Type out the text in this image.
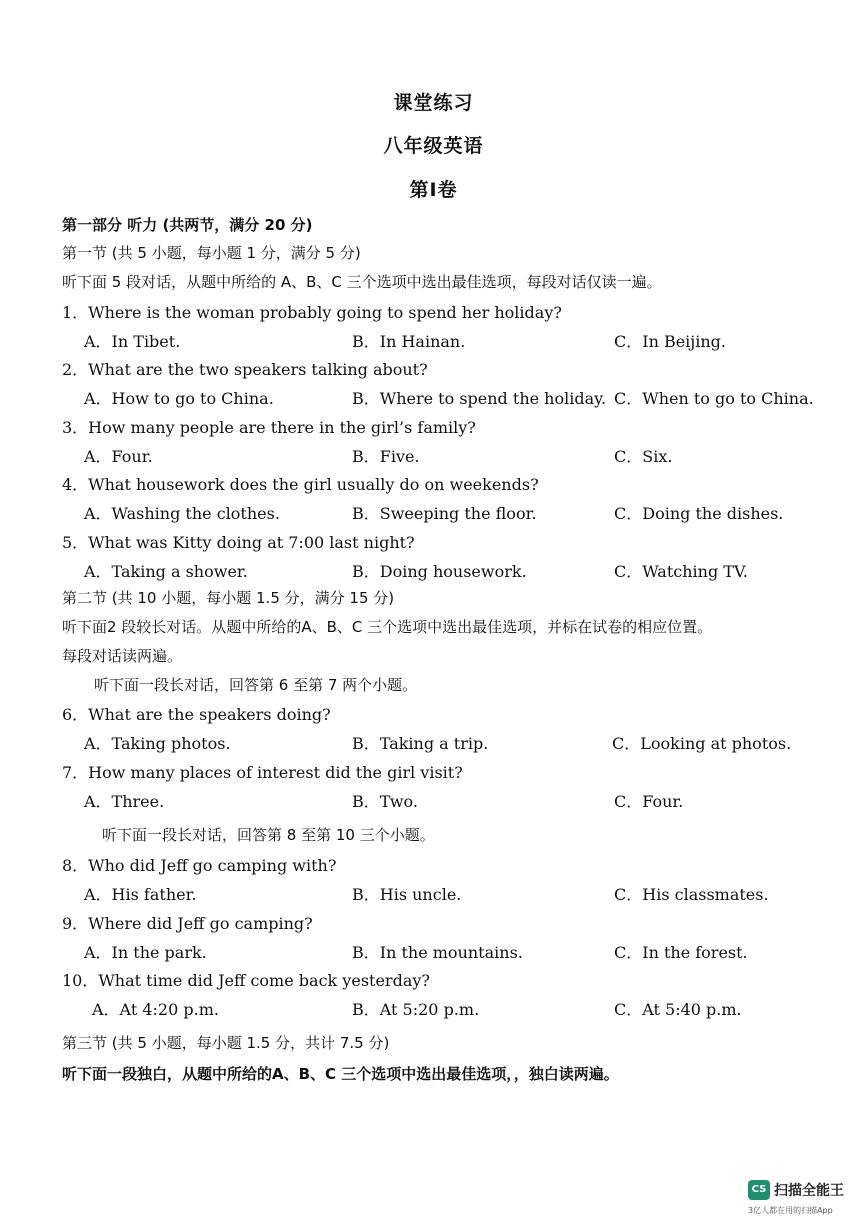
课堂练习
八年级英语
第I卷
第一部分 听力 (共两节，满分 20 分)
第一节 (共 5 小题，每小题 1 分，满分 5 分)
听下面 5 段对话，从题中所给的 A、B、C 三个选项中选出最佳选项，每段对话仅读一遍。
1．Where is the woman probably going to spend her holiday?
A．In Tibet.	B．In Hainan.	C．In Beijing.
2．What are the two speakers talking about?
A．How to go to China.	B．Where to spend the holiday. C．When to go to China.
3．How many people are there in the girl’s family?
A．Four.	B．Five.	C．Six.
4．What housework does the girl usually do on weekends?
A．Washing the clothes.	B．Sweeping the floor.	C．Doing the dishes.
5．What was Kitty doing at 7:00 last night?
A．Taking a shower.	B．Doing housework.	C．Watching TV.
第二节 (共 10 小题，每小题 1.5 分，满分 15 分)
听下面2 段较长对话。从题中所给的A、B、C 三个选项中选出最佳选项，并标在试卷的相应位置。
每段对话读两遍。
听下面一段长对话，回答第 6 至第 7 两个小题。
6．What are the speakers doing?
A．Taking photos.	B．Taking a trip.	C．Looking at photos.
7．How many places of interest did the girl visit?
A．Three.	B．Two.	C．Four.
听下面一段长对话，回答第 8 至第 10 三个小题。
8．Who did Jeff go camping with?
A．His father.	B．His uncle.	C．His classmates.
9．Where did Jeff go camping?
A．In the park.	B．In the mountains.	C．In the forest.
10．What time did Jeff come back yesterday?
A．At 4:20 p.m.	B．At 5:20 p.m.	C．At 5:40 p.m.
第三节 (共 5 小题，每小题 1.5 分，共计 7.5 分)
听下面一段独白，从题中所给的A、B、C 三个选项中选出最佳选项，，独白读两遍。
CS 扫描全能王
3亿人都在用的扫描App
